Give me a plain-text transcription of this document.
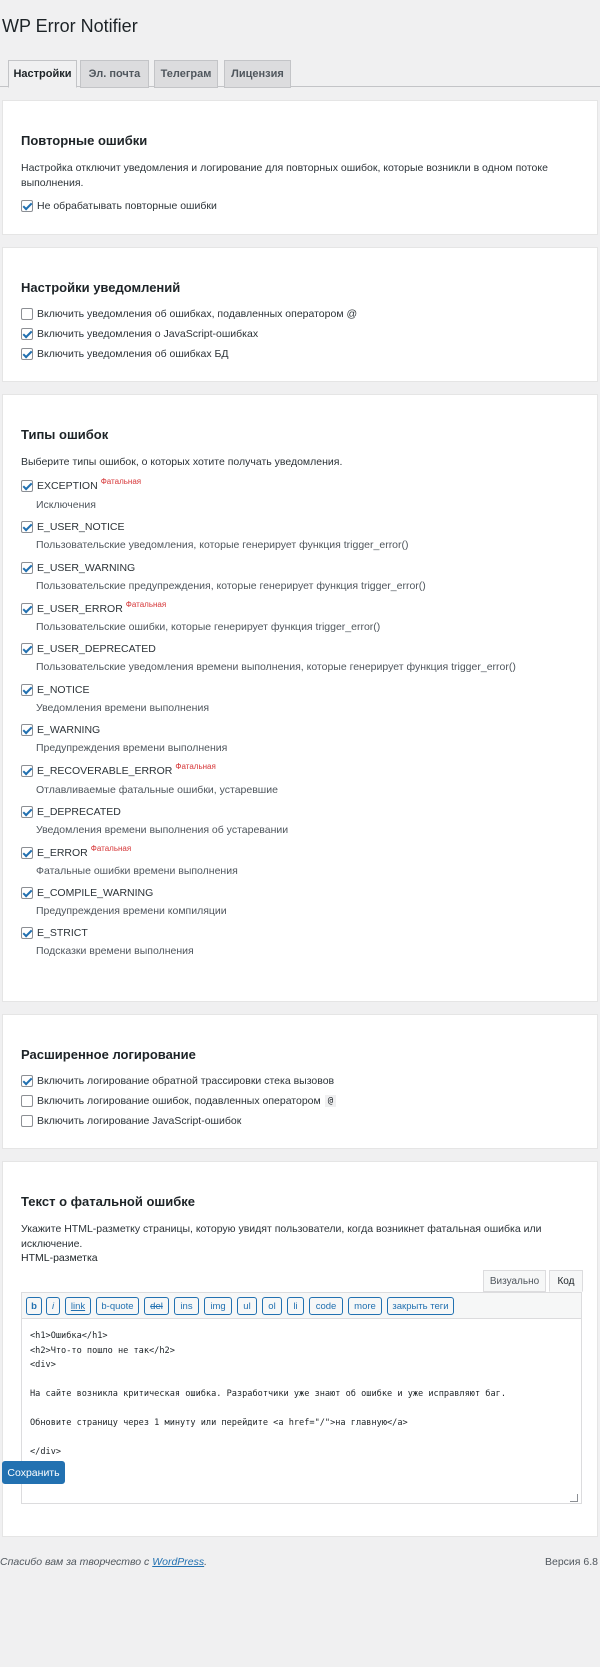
WP Error Notifier
Настройки	Эл. почта	Телеграм	Лицензия
Повторные ошибки
Настройка отключит уведомления и логирование для повторных ошибок, которые возникли в одном потоке выполнения.
Не обрабатывать повторные ошибки
Настройки уведомлений
Включить уведомления об ошибках, подавленных оператором @
Включить уведомления о JavaScript-ошибках
Включить уведомления об ошибках БД
Типы ошибок
Выберите типы ошибок, о которых хотите получать уведомления.
EXCEPTION Фатальная
Исключения
E_USER_NOTICE
Пользовательские уведомления, которые генерирует функция trigger_error()
E_USER_WARNING
Пользовательские предупреждения, которые генерирует функция trigger_error()
E_USER_ERROR Фатальная
Пользовательские ошибки, которые генерирует функция trigger_error()
E_USER_DEPRECATED
Пользовательские уведомления времени выполнения, которые генерирует функция trigger_error()
E_NOTICE
Уведомления времени выполнения
E_WARNING
Предупреждения времени выполнения
E_RECOVERABLE_ERROR Фатальная
Отлавливаемые фатальные ошибки, устаревшие
E_DEPRECATED
Уведомления времени выполнения об устаревании
E_ERROR Фатальная
Фатальные ошибки времени выполнения
E_COMPILE_WARNING
Предупреждения времени компиляции
E_STRICT
Подсказки времени выполнения
Расширенное логирование
Включить логирование обратной трассировки стека вызовов
Включить логирование ошибок, подавленных оператором @
Включить логирование JavaScript-ошибок
Текст о фатальной ошибке
Укажите HTML-разметку страницы, которую увидят пользователи, когда возникнет фатальная ошибка или исключение.
HTML-разметка
Визуально	Код
b	i	link	b-quote	del	ins	img	ul	ol	li	code	more	закрыть теги
<h1>Ошибка</h1>
<h2>Что-то пошло не так</h2>
<div>

На сайте возникла критическая ошибка. Разработчики уже знают об ошибке и уже исправляют баг.

Обновите страницу через 1 минуту или перейдите <a href="/">на главную</a>

</div>
Сохранить
Спасибо вам за творчество с WordPress.	Версия 6.8
